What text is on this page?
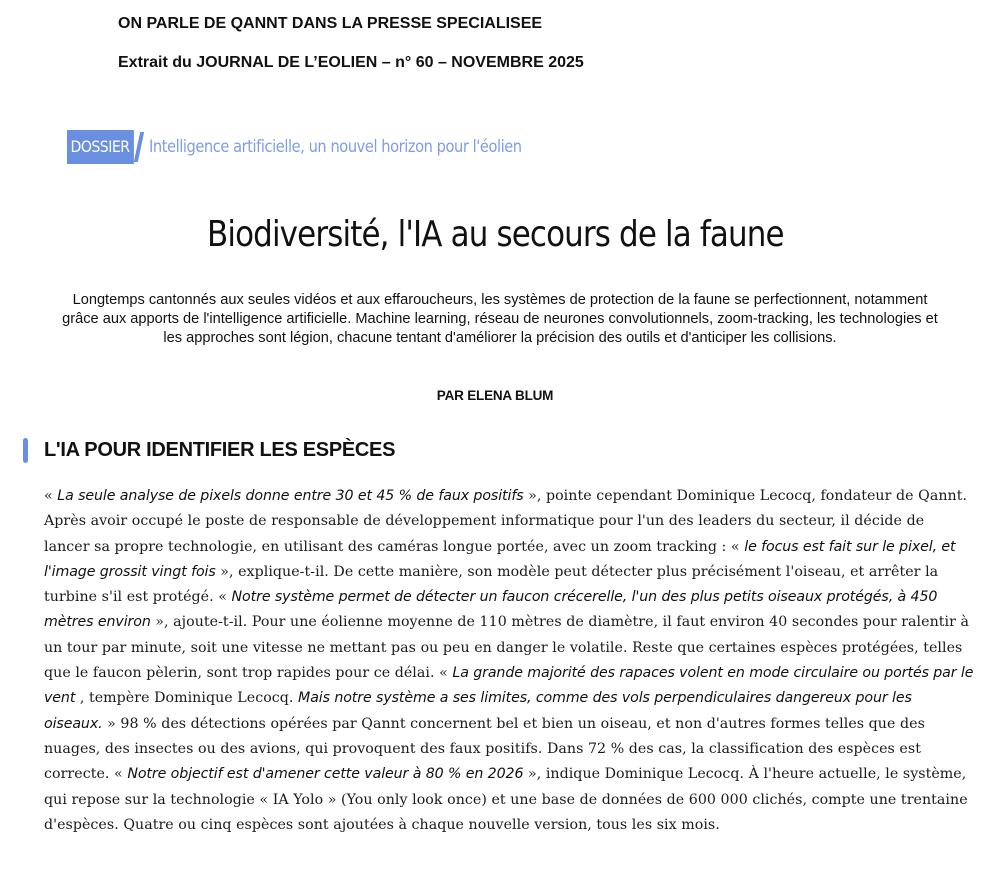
ON PARLE DE QANNT DANS LA PRESSE SPECIALISEE

Extrait du JOURNAL DE L’EOLIEN – n° 60 – NOVEMBRE 2025

DOSSIER Intelligence artificielle, un nouvel horizon pour l'éolien
Biodiversité, l'IA au secours de la faune

Longtemps cantonnés aux seules vidéos et aux effaroucheurs, les systèmes de protection de la faune se perfectionnent, notamment grâce aux apports de l'intelligence artificielle. Machine learning, réseau de neurones convolutionnels, zoom-tracking, les technologies et les approches sont légion, chacune tentant d'améliorer la précision des outils et d'anticiper les collisions.

PAR ELENA BLUM

L'IA POUR IDENTIFIER LES ESPÈCES

« La seule analyse de pixels donne entre 30 et 45 % de faux positifs », pointe cependant Dominique Lecocq, fondateur de Qannt. Après avoir occupé le poste de responsable de développement informatique pour l'un des leaders du secteur, il décide de lancer sa propre technologie, en utilisant des caméras longue portée, avec un zoom tracking : « le focus est fait sur le pixel, et l'image grossit vingt fois », explique-t-il. De cette manière, son modèle peut détecter plus précisément l'oiseau, et arrêter la turbine s'il est protégé. « Notre système permet de détecter un faucon crécerelle, l'un des plus petits oiseaux protégés, à 450 mètres environ », ajoute-t-il. Pour une éolienne moyenne de 110 mètres de diamètre, il faut environ 40 secondes pour ralentir à un tour par minute, soit une vitesse ne mettant pas ou peu en danger le volatile. Reste que certaines espèces protégées, telles que le faucon pèlerin, sont trop rapides pour ce délai. « La grande majorité des rapaces volent en mode circulaire ou portés par le vent , tempère Dominique Lecocq. Mais notre système a ses limites, comme des vols perpendiculaires dangereux pour les oiseaux. » 98 % des détections opérées par Qannt concernent bel et bien un oiseau, et non d'autres formes telles que des nuages, des insectes ou des avions, qui provoquent des faux positifs. Dans 72 % des cas, la classification des espèces est correcte. « Notre objectif est d'amener cette valeur à 80 % en 2026 », indique Dominique Lecocq. À l'heure actuelle, le système, qui repose sur la technologie « IA Yolo » (You only look once) et une base de données de 600 000 clichés, compte une trentaine d'espèces. Quatre ou cinq espèces sont ajoutées à chaque nouvelle version, tous les six mois.
